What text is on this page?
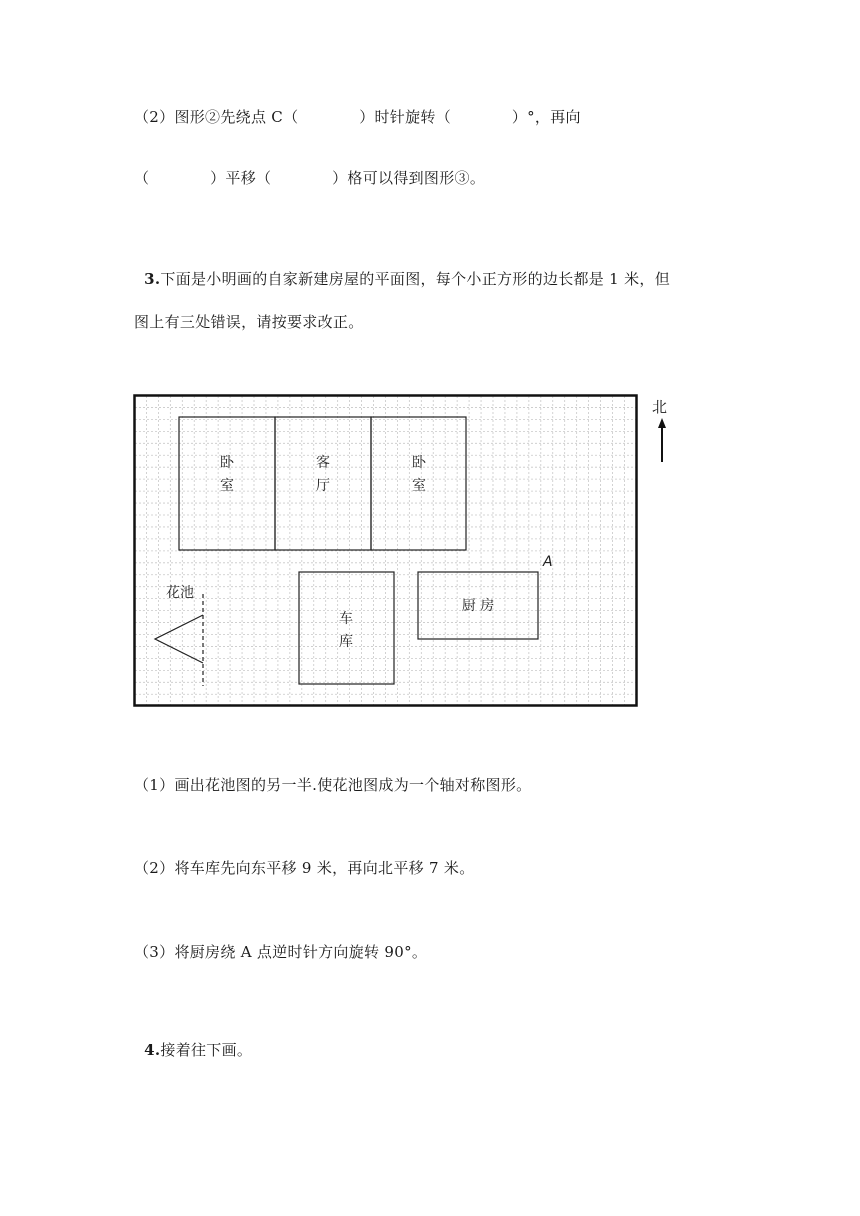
（2）图形②先绕点 C（            ）时针旋转（            ）°，再向
（            ）平移（            ）格可以得到图形③。

3.下面是小明画的自家新建房屋的平面图，每个小正方形的边长都是 1 米，但

图上有三处错误，请按要求改正。
卧
室
客
厅
卧
室
车
库
厨 房
花池
A
北
（1）画出花池图的另一半.使花池图成为一个轴对称图形。
（2）将车库先向东平移 9 米，再向北平移 7 米。
（3）将厨房绕 A 点逆时针方向旋转 90°。

4.接着往下画。
